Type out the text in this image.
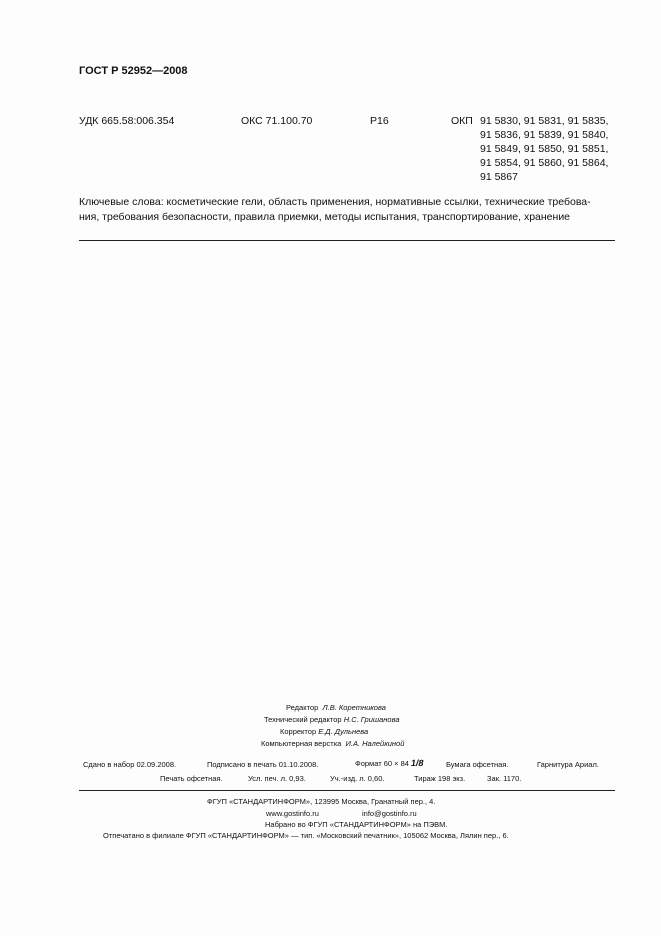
ГОСТ Р 52952—2008
УДК 665.58:006.354	ОКС 71.100.70	Р16	ОКП 91 5830, 91 5831, 91 5835,
91 5836, 91 5839, 91 5840,
91 5849, 91 5850, 91 5851,
91 5854, 91 5860, 91 5864,
91 5867
Ключевые слова: косметические гели, область применения, нормативные ссылки, технические требова-
ния, требования безопасности, правила приемки, методы испытания, транспортирование, хранение
Редактор Л.В. Коретникова
Технический редактор Н.С. Гришанова
Корректор Е.Д. Дульнева
Компьютерная верстка И.А. Налейкиной
Сдано в набор 02.09.2008.	Подписано в печать 01.10.2008.	Формат 60 × 84 1/8	Бумага офсетная.	Гарнитура Ариал.
Печать офсетная.	Усл. печ. л. 0,93.	Уч.-изд. л. 0,60.	Тираж 198 экз.	Зак. 1170.
ФГУП «СТАНДАРТИНФОРМ», 123995 Москва, Гранатный пер., 4.
www.gostinfo.ru	info@gostinfo.ru
Набрано во ФГУП «СТАНДАРТИНФОРМ» на ПЭВМ.
Отпечатано в филиале ФГУП «СТАНДАРТИНФОРМ» — тип. «Московский печатник», 105062 Москва, Лялин пер., 6.
